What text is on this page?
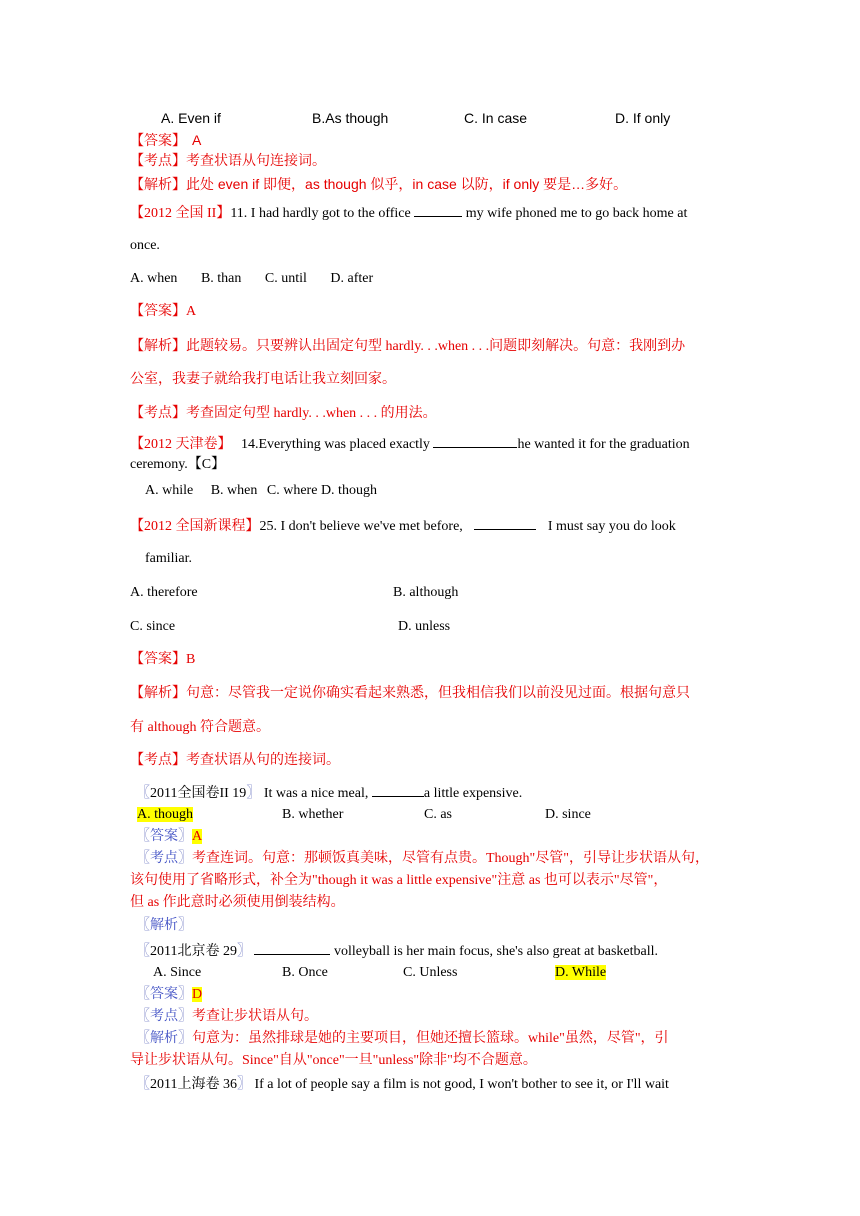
A. Even if	B.As though	C. In case	D. If only
【答案】 A
【考点】考查状语从句连接词。
【解析】此处 even if 即便，as though 似乎，in case 以防，if only 要是…多好。
【2012 全国 II】11. I had hardly got to the office	my wife phoned me to go back home at
once.
A. when B. than C. until D. after
【答案】A
【解析】此题较易。只要辨认出固定句型 hardly. . .when . . .问题即刻解决。句意：我刚到办
公室，我妻子就给我打电话让我立刻回家。
【考点】考查固定句型 hardly. . .when . . . 的用法。
【2012 天津卷】 14.Everything was placed exactly	he wanted it for the graduation
ceremony.【C】
A. while B. when C. where D. though
【2012 全国新课程】25. I don't believe we've met before,	I must say you do look
familiar.
A. therefore	B. although
C. since	D. unless
【答案】B
【解析】句意：尽管我一定说你确实看起来熟悉，但我相信我们以前没见过面。根据句意只
有 although 符合题意。
【考点】考查状语从句的连接词。
〖2011全国卷II 19〗 It was a nice meal,	a little expensive.
A. though	B. whether	C. as	D. since
〖答案〗A
〖考点〗考查连词。句意：那顿饭真美味，尽管有点贵。Though"尽管"，引导让步状语从句，
该句使用了省略形式，补全为"though it was a little expensive"注意 as 也可以表示"尽管"，
但 as 作此意时必须使用倒装结构。
〖解析〗
〖2011北京卷 29〗	volleyball is her main focus, she's also great at basketball.
A. Since	B. Once	C. Unless	D. While
〖答案〗D
〖考点〗考查让步状语从句。
〖解析〗句意为：虽然排球是她的主要项目，但她还擅长篮球。while"虽然，尽管"，引
导让步状语从句。Since"自从"once"一旦"unless"除非"均不合题意。
〖2011上海卷 36〗 If a lot of people say a film is not good, I won't bother to see it, or I'll wait
